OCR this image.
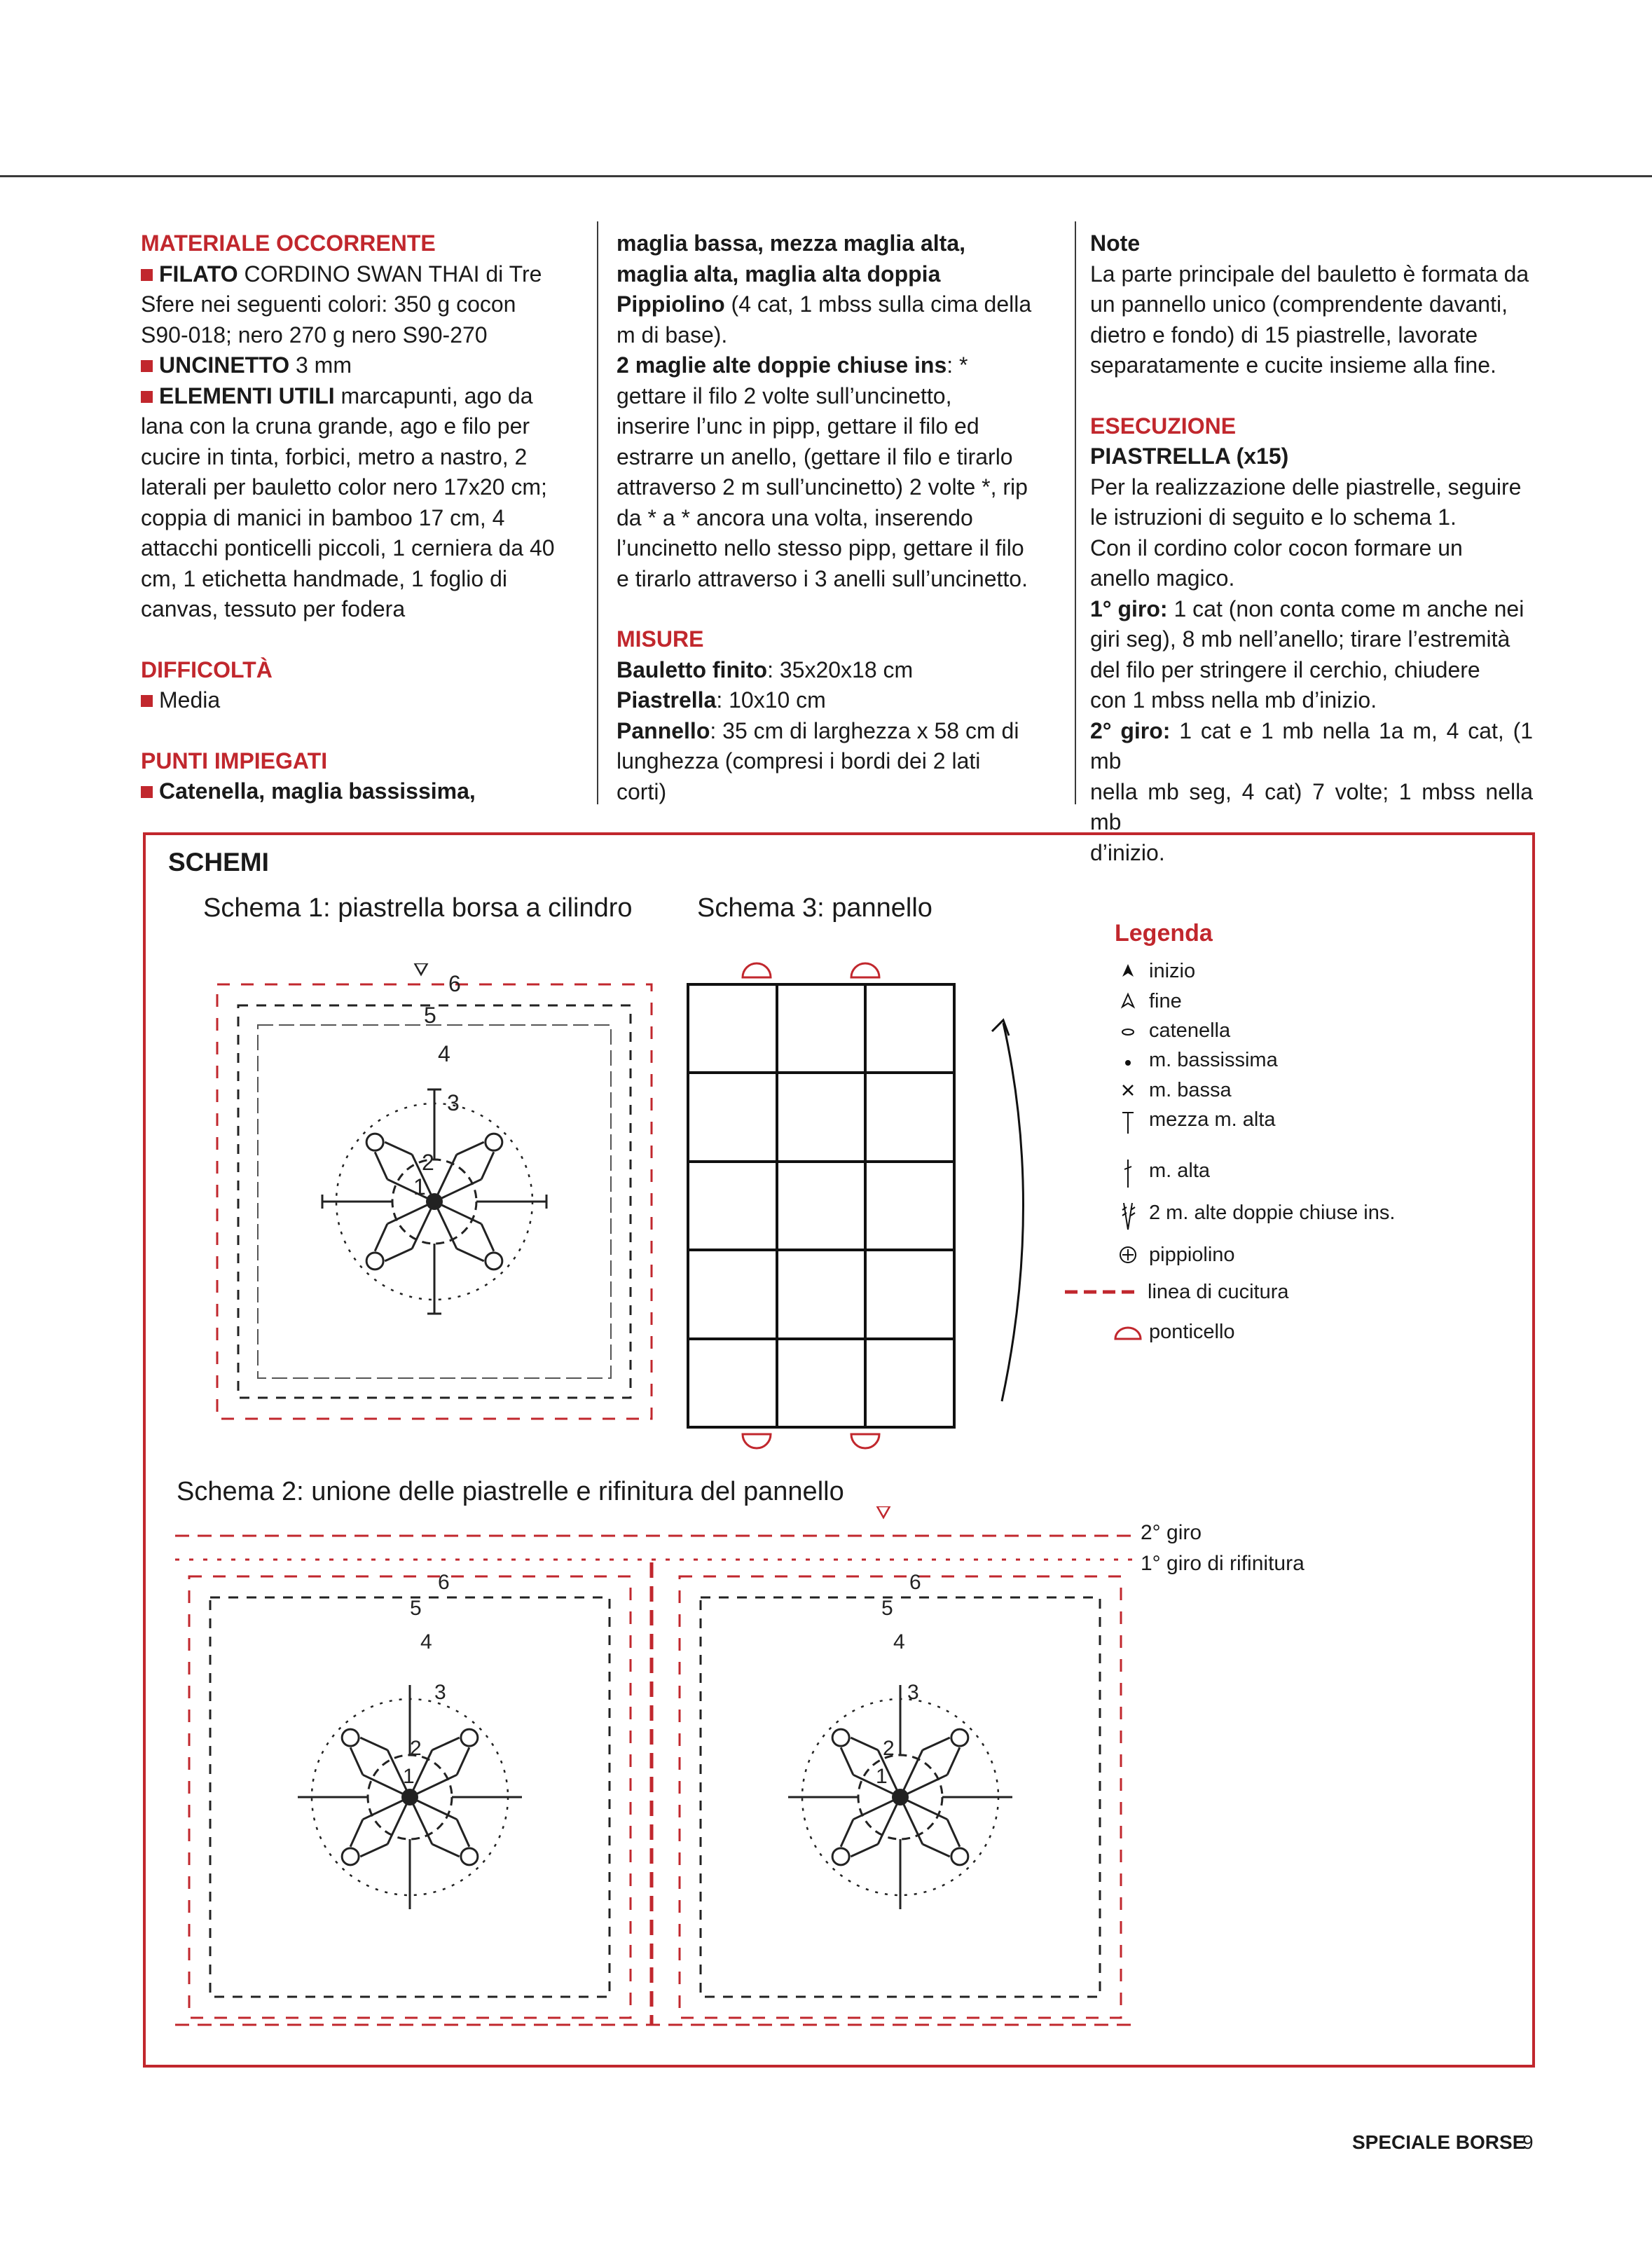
MATERIALE OCCORRENTE

FILATO CORDINO SWAN THAI di Tre

Sfere nei seguenti colori: 350 g cocon

S90-018; nero 270 g nero S90-270

UNCINETTO 3 mm

ELEMENTI UTILI marcapunti, ago da

lana con la cruna grande, ago e filo per

cucire in tinta, forbici, metro a nastro, 2

laterali per bauletto color nero 17x20 cm;

coppia di manici in bamboo 17 cm, 4

attacchi ponticelli piccoli, 1 cerniera da 40

cm, 1 etichetta handmade, 1 foglio di

canvas, tessuto per fodera

DIFFICOLTÀ

Media

PUNTI IMPIEGATI

Catenella, maglia bassissima,

maglia bassa, mezza maglia alta,

maglia alta, maglia alta doppia

Pippiolino (4 cat, 1 mbss sulla cima della

m di base).

2 maglie alte doppie chiuse ins: *

gettare il filo 2 volte sull’uncinetto,

inserire l’unc in pipp, gettare il filo ed

estrarre un anello, (gettare il filo e tirarlo

attraverso 2 m sull’uncinetto) 2 volte *, rip

da * a * ancora una volta, inserendo

l’uncinetto nello stesso pipp, gettare il filo

e tirarlo attraverso i 3 anelli sull’uncinetto.

MISURE

Bauletto finito: 35x20x18 cm

Piastrella: 10x10 cm

Pannello: 35 cm di larghezza x 58 cm di

lunghezza (compresi i bordi dei 2 lati

corti)

Note

La parte principale del bauletto è formata da

un pannello unico (comprendente davanti,

dietro e fondo) di 15 piastrelle, lavorate

separatamente e cucite insieme alla fine.

ESECUZIONE

PIASTRELLA (x15)

Per la realizzazione delle piastrelle, seguire

le istruzioni di seguito e lo schema 1.

Con il cordino color cocon formare un

anello magico.

1° giro: 1 cat (non conta come m anche nei

giri seg), 8 mb nell’anello; tirare l’estremità

del filo per stringere il cerchio, chiudere

con 1 mbss nella mb d’inizio.

2° giro: 1 cat e 1 mb nella 1a m, 4 cat, (1 mb

nella mb seg, 4 cat) 7 volte; 1 mbss nella mb

d’inizio.

SCHEMI
Schema 1: piastrella borsa a cilindro Schema 3: pannello
Schema 2: unione delle piastrelle e rifinitura del pannello
6
5
4
3
2
1
Legenda
inizio
fine
catenella
m. bassissima
m. bassa
mezza m. alta
m. alta
2 m. alte doppie chiuse ins.
pippiolino
linea di cucitura
ponticello
6
5
4
3
2
1
6
5
4
3
2
1
2° giro
1° giro di rifinitura
SPECIALE BORSE
9
